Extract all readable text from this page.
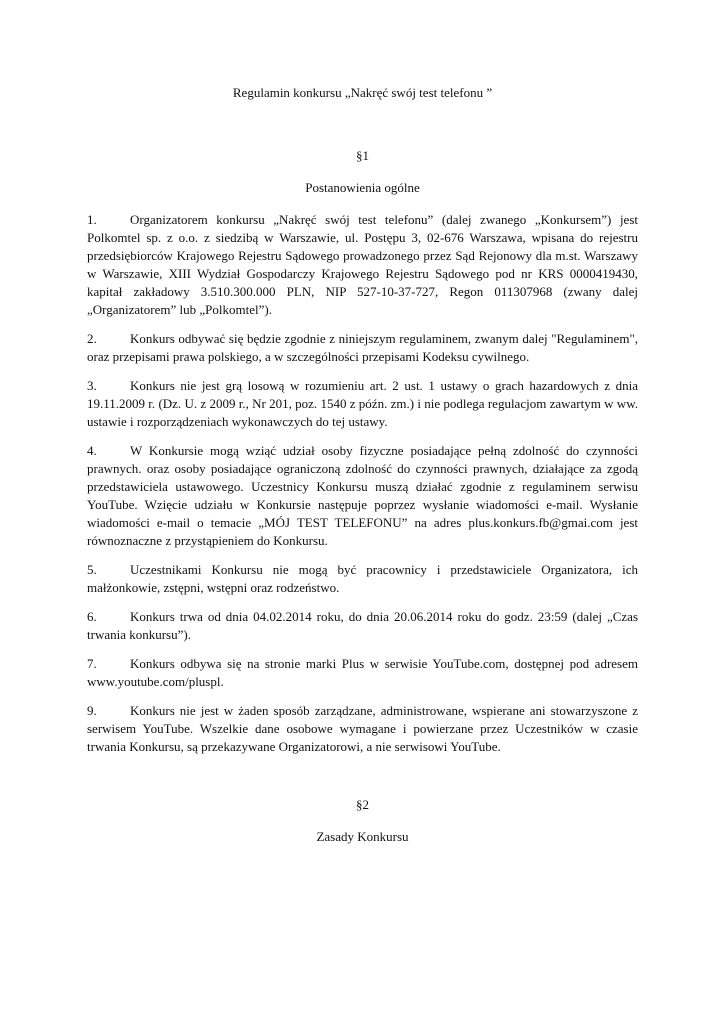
Regulamin konkursu „Nakręć swój test telefonu ”

§1

Postanowienia ogólne

1.	Organizatorem konkursu „Nakręć swój test telefonu” (dalej zwanego „Konkursem”) jest Polkomtel sp. z o.o. z siedzibą w Warszawie, ul. Postępu 3, 02-676 Warszawa, wpisana do rejestru przedsiębiorców Krajowego Rejestru Sądowego prowadzonego przez Sąd Rejonowy dla m.st. Warszawy w Warszawie, XIII Wydział Gospodarczy Krajowego Rejestru Sądowego pod nr KRS 0000419430, kapitał zakładowy 3.510.300.000 PLN, NIP 527-10-37-727, Regon 011307968 (zwany dalej „Organizatorem” lub „Polkomtel”).

2.	Konkurs odbywać się będzie zgodnie z niniejszym regulaminem, zwanym dalej "Regulaminem", oraz przepisami prawa polskiego, a w szczególności przepisami Kodeksu cywilnego.

3.	Konkurs nie jest grą losową w rozumieniu art. 2 ust. 1 ustawy o grach hazardowych z dnia 19.11.2009 r. (Dz. U. z 2009 r., Nr 201, poz. 1540 z późn. zm.) i nie podlega regulacjom zawartym w ww. ustawie i rozporządzeniach wykonawczych do tej ustawy.

4.	W Konkursie mogą wziąć udział osoby fizyczne posiadające pełną zdolność do czynności prawnych. oraz osoby posiadające ograniczoną zdolność do czynności prawnych, działające za zgodą przedstawiciela ustawowego. Uczestnicy Konkursu muszą działać zgodnie z regulaminem serwisu YouTube. Wzięcie udziału w Konkursie następuje poprzez wysłanie wiadomości e-mail. Wysłanie wiadomości e-mail o temacie „MÓJ TEST TELEFONU” na adres plus.konkurs.fb@gmai.com jest równoznaczne z przystąpieniem do Konkursu.

5.	Uczestnikami Konkursu nie mogą być pracownicy i przedstawiciele Organizatora, ich małżonkowie, zstępni, wstępni oraz rodzeństwo.

6.	Konkurs trwa od dnia 04.02.2014 roku, do dnia 20.06.2014 roku do godz. 23:59 (dalej „Czas trwania konkursu”).

7.	Konkurs odbywa się na stronie marki Plus w serwisie YouTube.com, dostępnej pod adresem www.youtube.com/pluspl.

9.	Konkurs nie jest w żaden sposób zarządzane, administrowane, wspierane ani stowarzyszone z serwisem YouTube. Wszelkie dane osobowe wymagane i powierzane przez Uczestników w czasie trwania Konkursu, są przekazywane Organizatorowi, a nie serwisowi YouTube.

§2

Zasady Konkursu
